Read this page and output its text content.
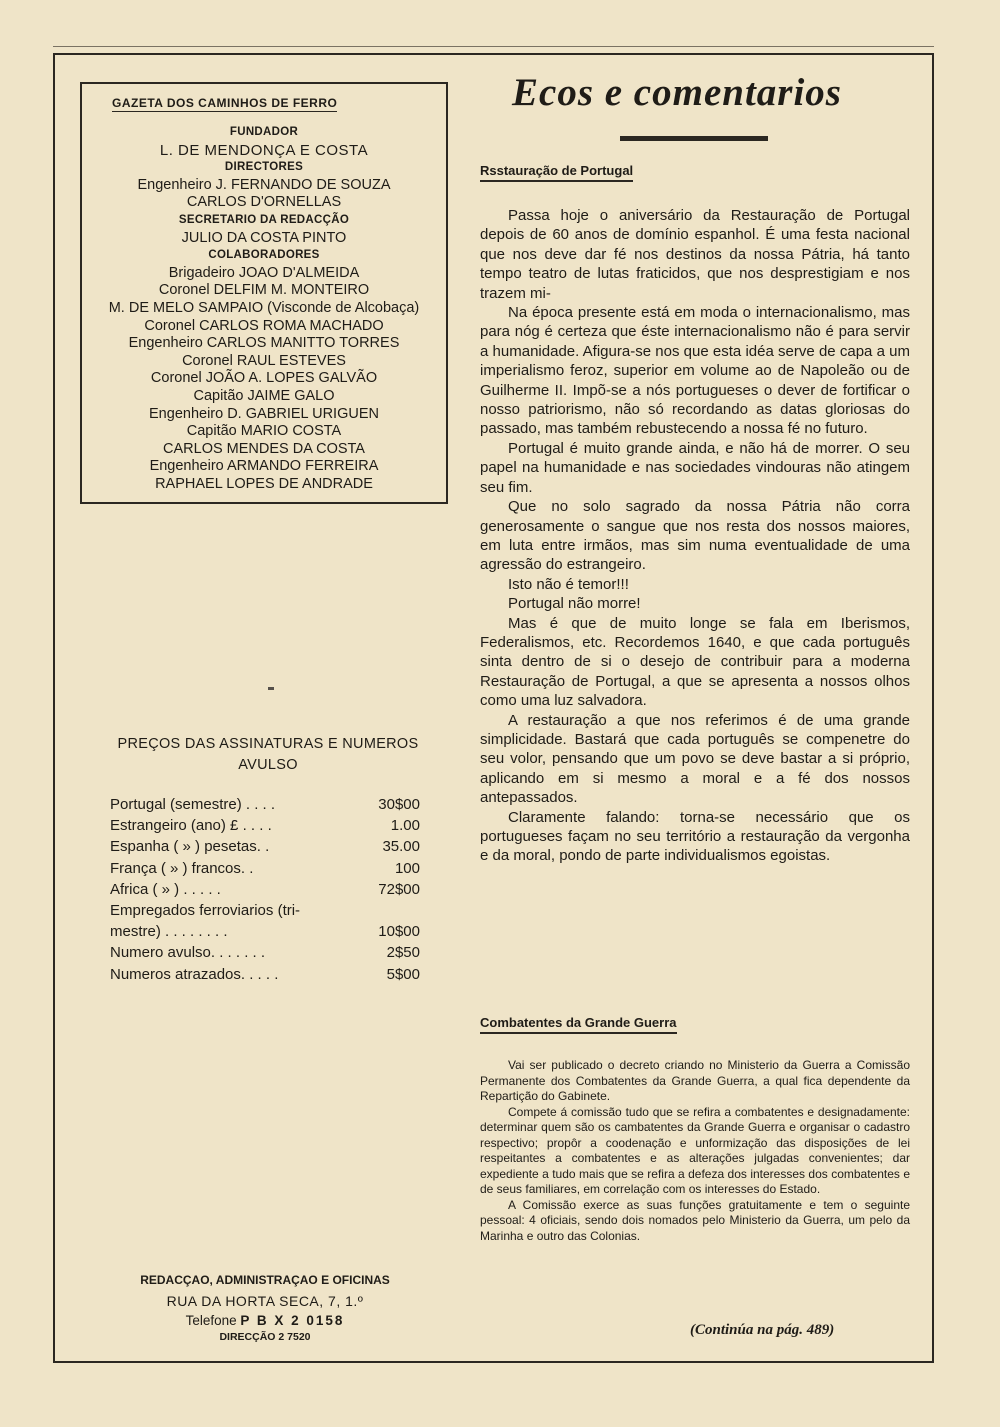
GAZETA DOS CAMINHOS DE FERRO
FUNDADOR
L. DE MENDONÇA E COSTA
DIRECTORES
Engenheiro J. FERNANDO DE SOUZA
CARLOS D'ORNELLAS
SECRETARIO DA REDACÇÃO
JULIO DA COSTA PINTO
COLABORADORES
Brigadeiro JOAO D'ALMEIDA
Coronel DELFIM M. MONTEIRO
M. DE MELO SAMPAIO (Visconde de Alcobaça)
Coronel CARLOS ROMA MACHADO
Engenheiro CARLOS MANITTO TORRES
Coronel RAUL ESTEVES
Coronel JOÃO A. LOPES GALVÃO
Capitão JAIME GALO
Engenheiro D. GABRIEL URIGUEN
Capitão MARIO COSTA
CARLOS MENDES DA COSTA
Engenheiro ARMANDO FERREIRA
RAPHAEL LOPES DE ANDRADE
PREÇOS DAS ASSINATURAS E NUMEROS
AVULSO
Portugal (semestre) . . . .	30$00
Estrangeiro (ano) £ . . . .	1.00
Espanha ( » ) pesetas. .	35.00
França ( » ) francos. .	100
Africa ( » ) . . . . .	72$00
Empregados ferroviarios (tri-
mestre) . . . . . . . .	10$00
Numero avulso. . . . . . .	2$50
Numeros atrazados. . . . .	5$00
REDACÇAO, ADMINISTRAÇAO E OFICINAS
RUA DA HORTA SECA, 7, 1.º
Telefone P B X 2 0158
DIRECÇÃO 2 7520
Ecos e comentarios
Rsstauração de Portugal

Passa hoje o aniversário da Restauração de Portugal depois de 60 anos de domínio espanhol. É uma festa nacional que nos deve dar fé nos destinos da nossa Pátria, há tanto tempo teatro de lutas fraticidos, que nos desprestigiam e nos trazem mi-

Na época presente está em moda o internacionalismo, mas para nóg é certeza que éste internacionalismo não é para servir a humanidade. Afigura-se nos que esta idéa serve de capa a um imperialismo feroz, superior em volume ao de Napoleão ou de Guilherme II. Impõ-se a nós portugueses o dever de fortificar o nosso patriorismo, não só recordando as datas gloriosas do passado, mas também rebustecendo a nossa fé no futuro.

Portugal é muito grande ainda, e não há de morrer. O seu papel na humanidade e nas sociedades vindouras não atingem seu fim.

Que no solo sagrado da nossa Pátria não corra generosamente o sangue que nos resta dos nossos maiores, em luta entre irmãos, mas sim numa eventualidade de uma agressão do estrangeiro.

Isto não é temor!!!

Portugal não morre!

Mas é que de muito longe se fala em Iberismos, Federalismos, etc. Recordemos 1640, e que cada português sinta dentro de si o desejo de contribuir para a moderna Restauração de Portugal, a que se apresenta a nossos olhos como uma luz salvadora.

A restauração a que nos referimos é de uma grande simplicidade. Bastará que cada português se compenetre do seu volor, pensando que um povo se deve bastar a si próprio, aplicando em si mesmo a moral e a fé dos nossos antepassados.

Claramente falando: torna-se necessário que os portugueses façam no seu território a restauração da vergonha e da moral, pondo de parte individualismos egoistas.

Combatentes da Grande Guerra

Vai ser publicado o decreto criando no Ministerio da Guerra a Comissão Permanente dos Combatentes da Grande Guerra, a qual fica dependente da Repartição do Gabinete.

Compete á comissão tudo que se refira a combatentes e designadamente: determinar quem são os cambatentes da Grande Guerra e organisar o cadastro respectivo; propôr a coodenação e unformização das disposições de lei respeitantes a combatentes e as alterações julgadas convenientes; dar expediente a tudo mais que se refira a defeza dos interesses dos combatentes e de seus familiares, em correlação com os interesses do Estado.

A Comissão exerce as suas funções gratuitamente e tem o seguinte pessoal: 4 oficiais, sendo dois nomados pelo Ministerio da Guerra, um pelo da Marinha e outro das Colonias.

(Continúa na pág. 489)
